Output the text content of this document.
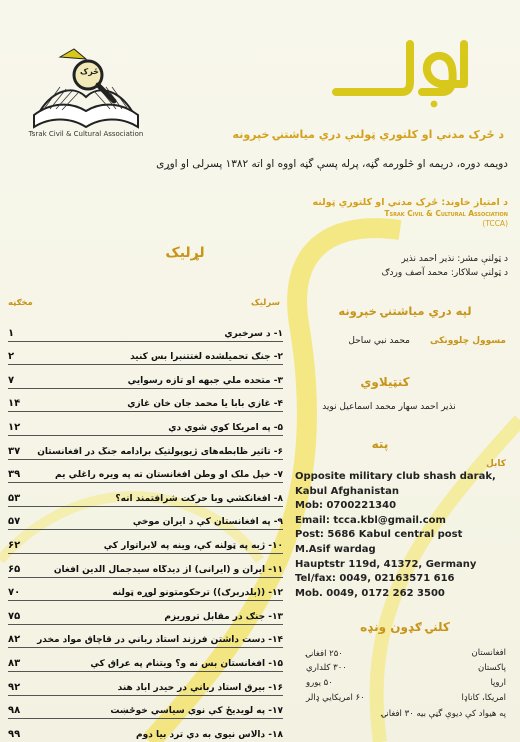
ځرک
Tsrak Civil & Cultural Association	د ځرک مدني او کلتوري ټولنې دري میاشتنۍ خپرونه
دویمه دوره، دریمه او څلورمه گڼه، پرله پسې گڼه اووه او اته ۱۳۸۲ پسرلی او اوړی
د امتیاز خاوند: ځرک مدني او کلتوري ټولنه
Tsrak Civil & Cultural Association
(TCCA)
د ټولنې مشر: نذیر احمد نذیر
د ټولنې سلاکار: محمد آصف وردګ
لپه دري میاشتنۍ خپرونه
مسوول چلوونکی
محمد نبي ساحل
کنټیلاوي
نذیر احمد سهار محمد اسماعیل نوید
پته
کابل
Opposite military club shash darak,
Kabul Afghanistan
Mob: 0700221340
Email: tcca.kbl@gmail.com
Post: 5686 Kabul central post
M.Asif wardag
Hauptstr 119d, 41372, Germany
Tel/fax: 0049, 02163571 616
Mob. 0049, 0172 262 3500
کلنۍ ګډون ونډه
افغانستان
۲۵۰ افغانۍ
پاکستان
۳۰۰ کلداري
اروپا
۵۰ یورو
امریکا، کاناډا
۶۰ امریکایي ډالر
په هیواد کې دیوې گڼې بیه ۳۰ افغانۍ
لړلیک
مخګڼه	سرلیک
۱	۱- د سرخبري
۲	۲- جنګ تحمیلشده لغتتنبرا بس کنید
۷	۳- متحده ملي جبهه او تازه رسوایي
۱۴	۴- غازي بابا یا محمد جان خان غازي
۱۲	۵- په امریکا کوي شوي دي
۳۷	۶- تاثیر ظابطه‌های ژیوپولتیک برادامه جنگ در افغانستان
۳۹	۷- خپل ملک او وطن افغانستان ته په ویره راغلي یم
۵۳	۸- افغانکشي وبا حرکت شرافتمند انه؟
۵۷	۹- په افغانستان کې د ایران موخې
۶۲	۱۰- ژبه په ټولنه کې، وینه په لابراتوار کې
۶۵	۱۱- ایران و (ایرانی) از دیدگاه سیدجمال الدین افغان
۷۰	۱۲- ((بلدربرګ)) ترحکومتونو لوړه ټولنه
۷۵	۱۳- جنګ در مقابل تروریزم
۸۲	۱۴- دست داشتن فرزند استاد رباني در قاچاق مواد مخدر
۸۳	۱۵- افغانستان بس نه و؟ ویتنام په عراق کې
۹۲	۱۶- بیرق استاد رباني در حیدر آباد هند
۹۸	۱۷- په لویدیځ کې نوې سیاسي خوځښت
۹۹	۱۸- دالاس نیوې به دي ترد بیا دوم
